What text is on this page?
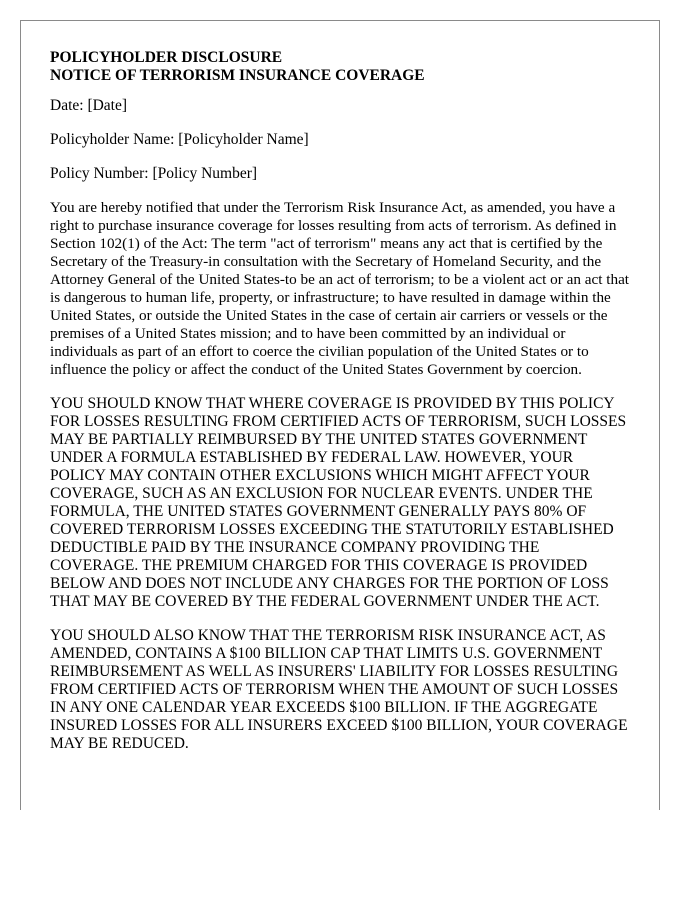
POLICYHOLDER DISCLOSURE
NOTICE OF TERRORISM INSURANCE COVERAGE

Date: [Date]

Policyholder Name: [Policyholder Name]

Policy Number: [Policy Number]

You are hereby notified that under the Terrorism Risk Insurance Act, as amended, you have a right to purchase insurance coverage for losses resulting from acts of terrorism. As defined in Section 102(1) of the Act: The term "act of terrorism" means any act that is certified by the Secretary of the Treasury-in consultation with the Secretary of Homeland Security, and the Attorney General of the United States-to be an act of terrorism; to be a violent act or an act that is dangerous to human life, property, or infrastructure; to have resulted in damage within the United States, or outside the United States in the case of certain air carriers or vessels or the premises of a United States mission; and to have been committed by an individual or individuals as part of an effort to coerce the civilian population of the United States or to influence the policy or affect the conduct of the United States Government by coercion.

YOU SHOULD KNOW THAT WHERE COVERAGE IS PROVIDED BY THIS POLICY FOR LOSSES RESULTING FROM CERTIFIED ACTS OF TERRORISM, SUCH LOSSES MAY BE PARTIALLY REIMBURSED BY THE UNITED STATES GOVERNMENT UNDER A FORMULA ESTABLISHED BY FEDERAL LAW. HOWEVER, YOUR POLICY MAY CONTAIN OTHER EXCLUSIONS WHICH MIGHT AFFECT YOUR COVERAGE, SUCH AS AN EXCLUSION FOR NUCLEAR EVENTS. UNDER THE FORMULA, THE UNITED STATES GOVERNMENT GENERALLY PAYS 80% OF COVERED TERRORISM LOSSES EXCEEDING THE STATUTORILY ESTABLISHED DEDUCTIBLE PAID BY THE INSURANCE COMPANY PROVIDING THE COVERAGE. THE PREMIUM CHARGED FOR THIS COVERAGE IS PROVIDED BELOW AND DOES NOT INCLUDE ANY CHARGES FOR THE PORTION OF LOSS THAT MAY BE COVERED BY THE FEDERAL GOVERNMENT UNDER THE ACT.

YOU SHOULD ALSO KNOW THAT THE TERRORISM RISK INSURANCE ACT, AS AMENDED, CONTAINS A $100 BILLION CAP THAT LIMITS U.S. GOVERNMENT REIMBURSEMENT AS WELL AS INSURERS' LIABILITY FOR LOSSES RESULTING FROM CERTIFIED ACTS OF TERRORISM WHEN THE AMOUNT OF SUCH LOSSES IN ANY ONE CALENDAR YEAR EXCEEDS $100 BILLION. IF THE AGGREGATE INSURED LOSSES FOR ALL INSURERS EXCEED $100 BILLION, YOUR COVERAGE MAY BE REDUCED.
